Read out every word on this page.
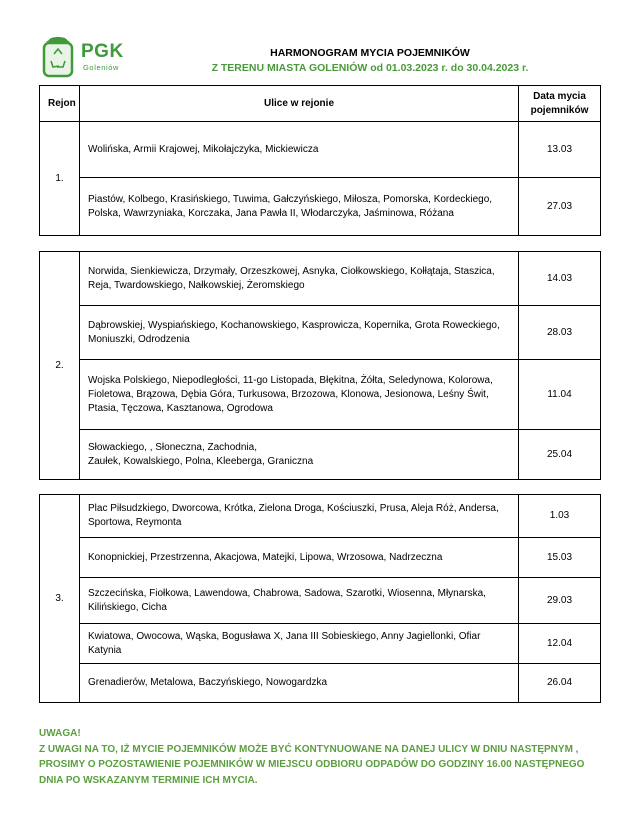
PGK
Goleniów
HARMONOGRAM MYCIA POJEMNIKÓW
Z TERENU MIASTA GOLENIÓW od 01.03.2023 r. do 30.04.2023 r.
Rejon	Ulice w rejonie	Data mycia
pojemników
1.	Wolińska, Armii Krajowej, Mikołajczyka, Mickiewicza	13.03
	Piastów, Kolbego, Krasińskiego, Tuwima, Gałczyńskiego, Miłosza, Pomorska, Kordeckiego, Polska, Wawrzyniaka, Korczaka, Jana Pawła II, Włodarczyka, Jaśminowa, Różana	27.03
2.	Norwida, Sienkiewicza, Drzymały, Orzeszkowej, Asnyka, Ciołkowskiego, Kołłątaja, Staszica, Reja, Twardowskiego, Nałkowskiej, Żeromskiego	14.03
	Dąbrowskiej, Wyspiańskiego, Kochanowskiego, Kasprowicza, Kopernika, Grota Roweckiego, Moniuszki, Odrodzenia	28.03
	Wojska Polskiego, Niepodległości, 11-go Listopada, Błękitna, Żółta, Seledynowa, Kolorowa, Fioletowa, Brązowa, Dębia Góra, Turkusowa, Brzozowa, Klonowa, Jesionowa, Leśny Świt, Ptasia, Tęczowa, Kasztanowa, Ogrodowa	11.04
	Słowackiego, , Słoneczna, Zachodnia,
Zaułek, Kowalskiego, Polna, Kleeberga, Graniczna	25.04
3.	Plac Piłsudzkiego, Dworcowa, Krótka, Zielona Droga, Kościuszki, Prusa, Aleja Róż, Andersa, Sportowa, Reymonta	1.03
	Konopnickiej, Przestrzenna, Akacjowa, Matejki, Lipowa, Wrzosowa, Nadrzeczna	15.03
	Szczecińska, Fiołkowa, Lawendowa, Chabrowa, Sadowa, Szarotki, Wiosenna, Młynarska, Kilińskiego, Cicha	29.03
	Kwiatowa, Owocowa, Wąska, Bogusława X, Jana III Sobieskiego, Anny Jagiellonki, Ofiar Katynia	12.04
	Grenadierów, Metalowa, Baczyńskiego, Nowogardzka	26.04
UWAGA!
Z UWAGI NA TO, IŻ MYCIE POJEMNIKÓW MOŻE BYĆ KONTYNUOWANE NA DANEJ ULICY W DNIU NASTĘPNYM ,
PROSIMY O POZOSTAWIENIE POJEMNIKÓW W MIEJSCU ODBIORU ODPADÓW DO GODZINY 16.00 NASTĘPNEGO
DNIA PO WSKAZANYM TERMINIE ICH MYCIA.
